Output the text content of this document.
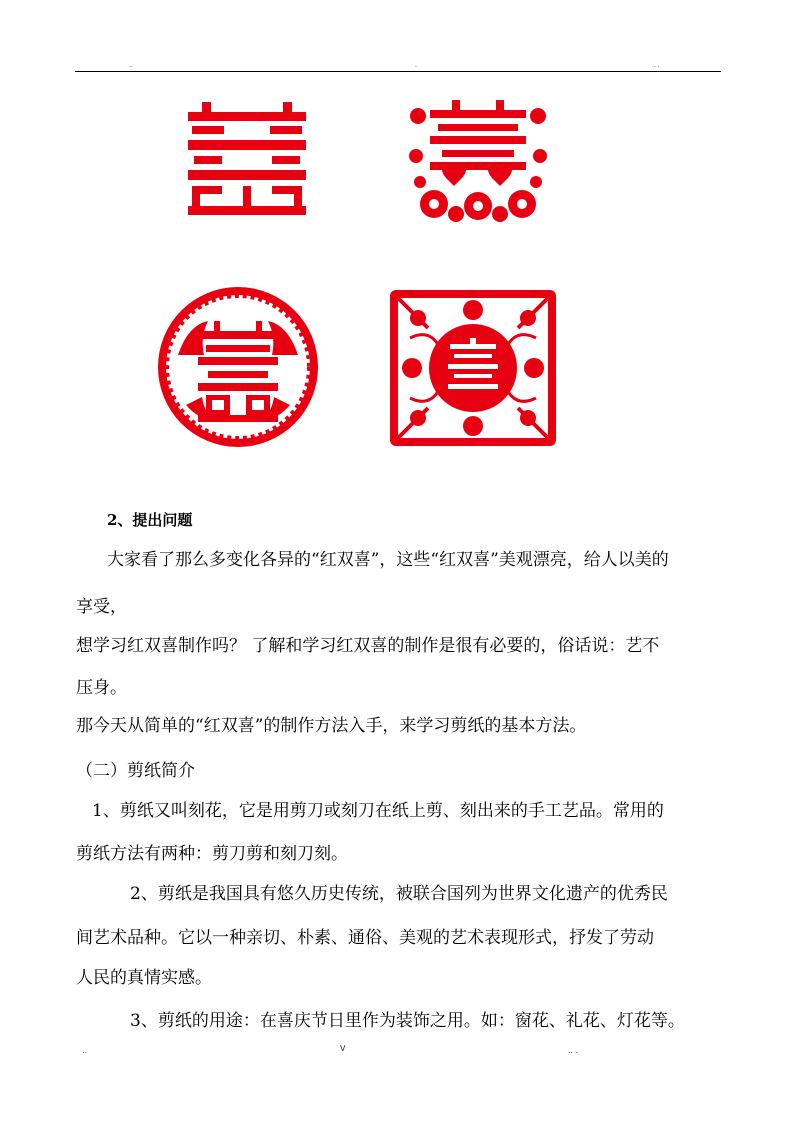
..	.	.. .
2、提出问题
大家看了那么多变化各异的“红双喜”，这些“红双喜”美观漂亮，给人以美的
享受，
想学习红双喜制作吗？ 了解和学习红双喜的制作是很有必要的，俗话说：艺不
压身。
那今天从简单的“红双喜”的制作方法入手，来学习剪纸的基本方法。
（二）剪纸简介
1、剪纸又叫刻花，它是用剪刀或刻刀在纸上剪、刻出来的手工艺品。常用的
剪纸方法有两种：剪刀剪和刻刀刻。
2、剪纸是我国具有悠久历史传统，被联合国列为世界文化遗产的优秀民
间艺术品种。它以一种亲切、朴素、通俗、美观的艺术表现形式，抒发了劳动
人民的真情实感。
3、剪纸的用途：在喜庆节日里作为装饰之用。如：窗花、礼花、灯花等。
..	V	.. .
